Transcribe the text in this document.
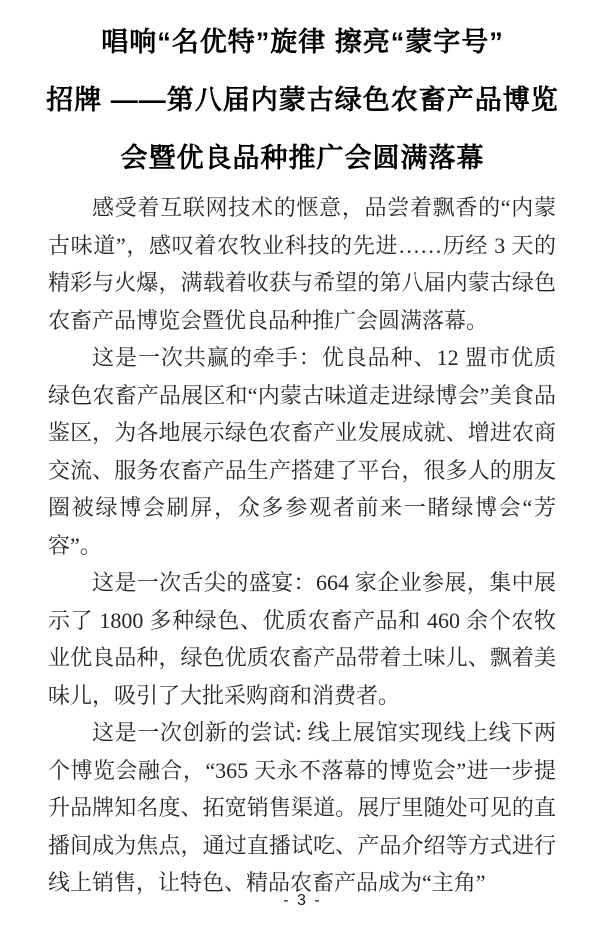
唱响“名优特”旋律 擦亮“蒙字号”
招牌 ——第八届内蒙古绿色农畜产品博览
会暨优良品种推广会圆满落幕

感受着互联网技术的惬意，品尝着飘香的“内蒙古味道”，感叹着农牧业科技的先进……历经 3 天的精彩与火爆，满载着收获与希望的第八届内蒙古绿色农畜产品博览会暨优良品种推广会圆满落幕。

这是一次共赢的牵手：优良品种、12 盟市优质绿色农畜产品展区和“内蒙古味道走进绿博会”美食品鉴区，为各地展示绿色农畜产业发展成就、增进农商交流、服务农畜产品生产搭建了平台，很多人的朋友圈被绿博会刷屏，众多参观者前来一睹绿博会“芳容”。

这是一次舌尖的盛宴：664 家企业参展，集中展示了 1800 多种绿色、优质农畜产品和 460 余个农牧业优良品种，绿色优质农畜产品带着土味儿、飘着美味儿，吸引了大批采购商和消费者。

这是一次创新的尝试: 线上展馆实现线上线下两个博览会融合，“365 天永不落幕的博览会”进一步提升品牌知名度、拓宽销售渠道。展厅里随处可见的直播间成为焦点，通过直播试吃、产品介绍等方式进行线上销售，让特色、精品农畜产品成为“主角”

- 3 -
